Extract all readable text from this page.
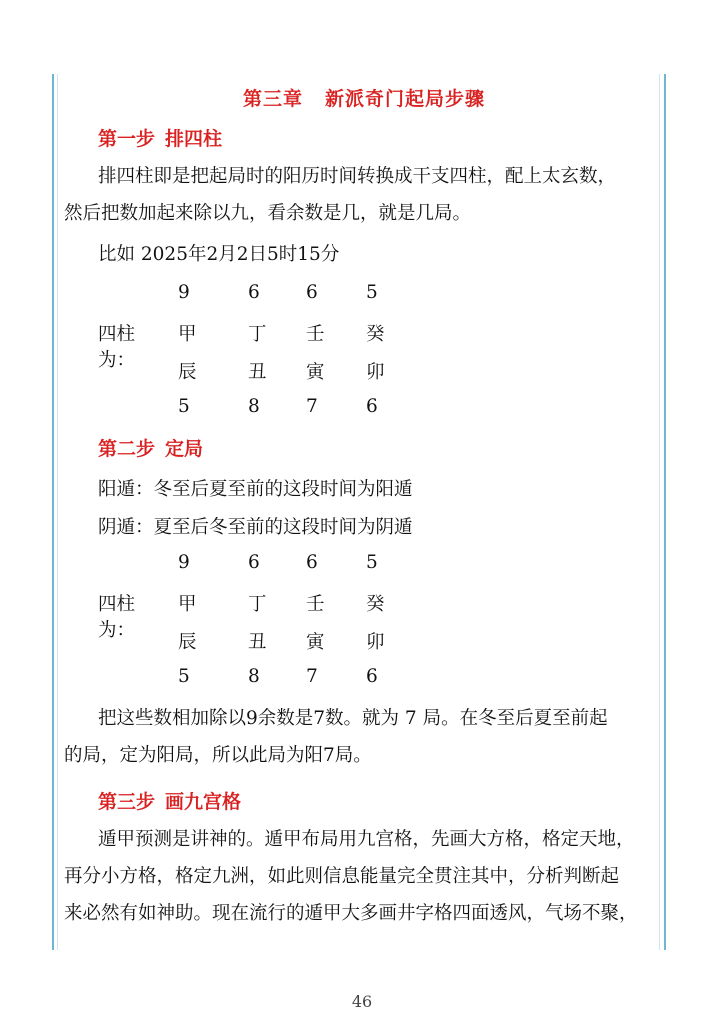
第三章 新派奇门起局步骤
第一步 排四柱
排四柱即是把起局时的阳历时间转换成干支四柱，配上太玄数，
然后把数加起来除以九，看余数是几，就是几局。
比如 2025年2月2日5时15分
9	6 6	5
四柱为：
甲	丁 壬 癸
辰	丑 寅 卯
5	8 7	6
第二步 定局
阳遁：冬至后夏至前的这段时间为阳遁
阴遁：夏至后冬至前的这段时间为阴遁
9	6 6	5
四柱为：
甲	丁 壬 癸
辰	丑 寅 卯
5	8 7	6
把这些数相加除以9余数是7数。就为 7 局。在冬至后夏至前起
的局，定为阳局，所以此局为阳7局。
第三步 画九宫格
遁甲预测是讲神的。遁甲布局用九宫格，先画大方格，格定天地，
再分小方格，格定九洲，如此则信息能量完全贯注其中，分析判断起
来必然有如神助。现在流行的遁甲大多画井字格四面透风，气场不聚，
46
